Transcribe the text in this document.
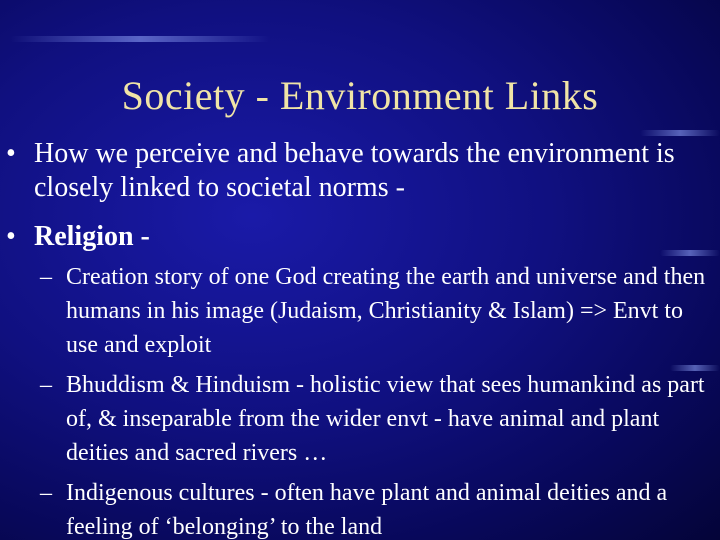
Society - Environment Links
• How we perceive and behave towards the environment is closely linked to societal norms -
• Religion -
– Creation story of one God creating the earth and universe and then humans in his image (Judaism, Christianity & Islam) => Envt to use and exploit
– Bhuddism & Hinduism - holistic view that sees humankind as part of, & inseparable from the wider envt - have animal and plant deities and sacred rivers …
– Indigenous cultures - often have plant and animal deities and a feeling of ‘belonging’ to the land
